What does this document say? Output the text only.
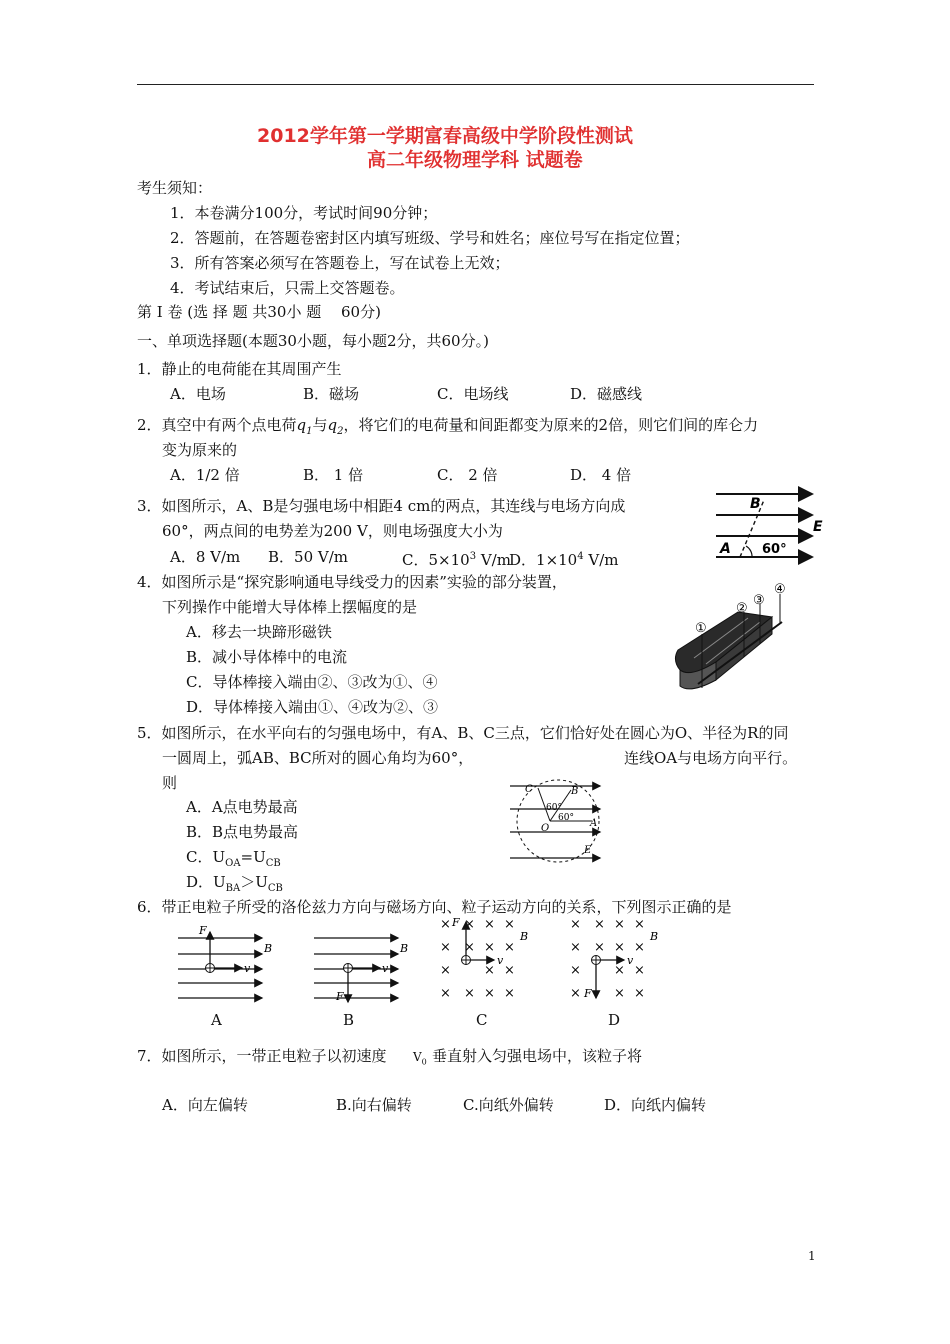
2012学年第一学期富春高级中学阶段性测试
高二年级物理学科 试题卷
考生须知：
1．本卷满分100分，考试时间90分钟；
2．答题前，在答题卷密封区内填写班级、学号和姓名；座位号写在指定位置；
3．所有答案必须写在答题卷上，写在试卷上无效；
4．考试结束后，只需上交答题卷。
第 I 卷 (选 择 题 共30小 题　 60分)
一、单项选择题(本题30小题，每小题2分，共60分。)
1．静止的电荷能在其周围产生
A．电场	B．磁场	C．电场线	D．磁感线
2．真空中有两个点电荷$q_1$与$q_2$，将它们的电荷量和间距都变为原来的2倍，则它们间的库仑力
变为原来的
A．1/2 倍	B． 1 倍	C． 2 倍	D． 4 倍
3．如图所示，A、B是匀强电场中相距4 cm的两点，其连线与电场方向成
60°，两点间的电势差为200 V，则电场强度大小为
A．8 V/m B．50 V/m	C．$5\times 10^3$ V/m
D．$1\times 10^4$ V/m
B
A
E
60°
4．如图所示是“探究影响通电导线受力的因素”实验的部分装置，
下列操作中能增大导体棒上摆幅度的是
A．移去一块蹄形磁铁
B．减小导体棒中的电流
C．导体棒接入端由②、③改为①、④
D．导体棒接入端由①、④改为②、③
①
②
③
④
5．如图所示，在水平向右的匀强电场中，有A、B、C三点，它们恰好处在圆心为O、半径为R的同
一圆周上，弧AB、BC所对的圆心角均为60°，	连线OA与电场方向平行。
则
A．A点电势最高
B．B点电势最高
C．$U_{OA}=U_{CB}$
D．$U_{BA}>U_{CB}$
C	B
O	A
E
60°
60°
6．带正电粒子所受的洛伦兹力方向与磁场方向、粒子运动方向的关系，下列图示正确的是
F
B
v
F
B
v
× × × ×
× × × ×
×	× ×
× × × ×
F
B
v
× × × ×
× × × ×
×	× ×
×	× ×
F
B
v
A	B	C	D
7．如图所示，一带正电粒子以初速度 $V_0$ 垂直射入匀强电场中，该粒子将
A．向左偏转	B.向右偏转	C.向纸外偏转	D．向纸内偏转
1
